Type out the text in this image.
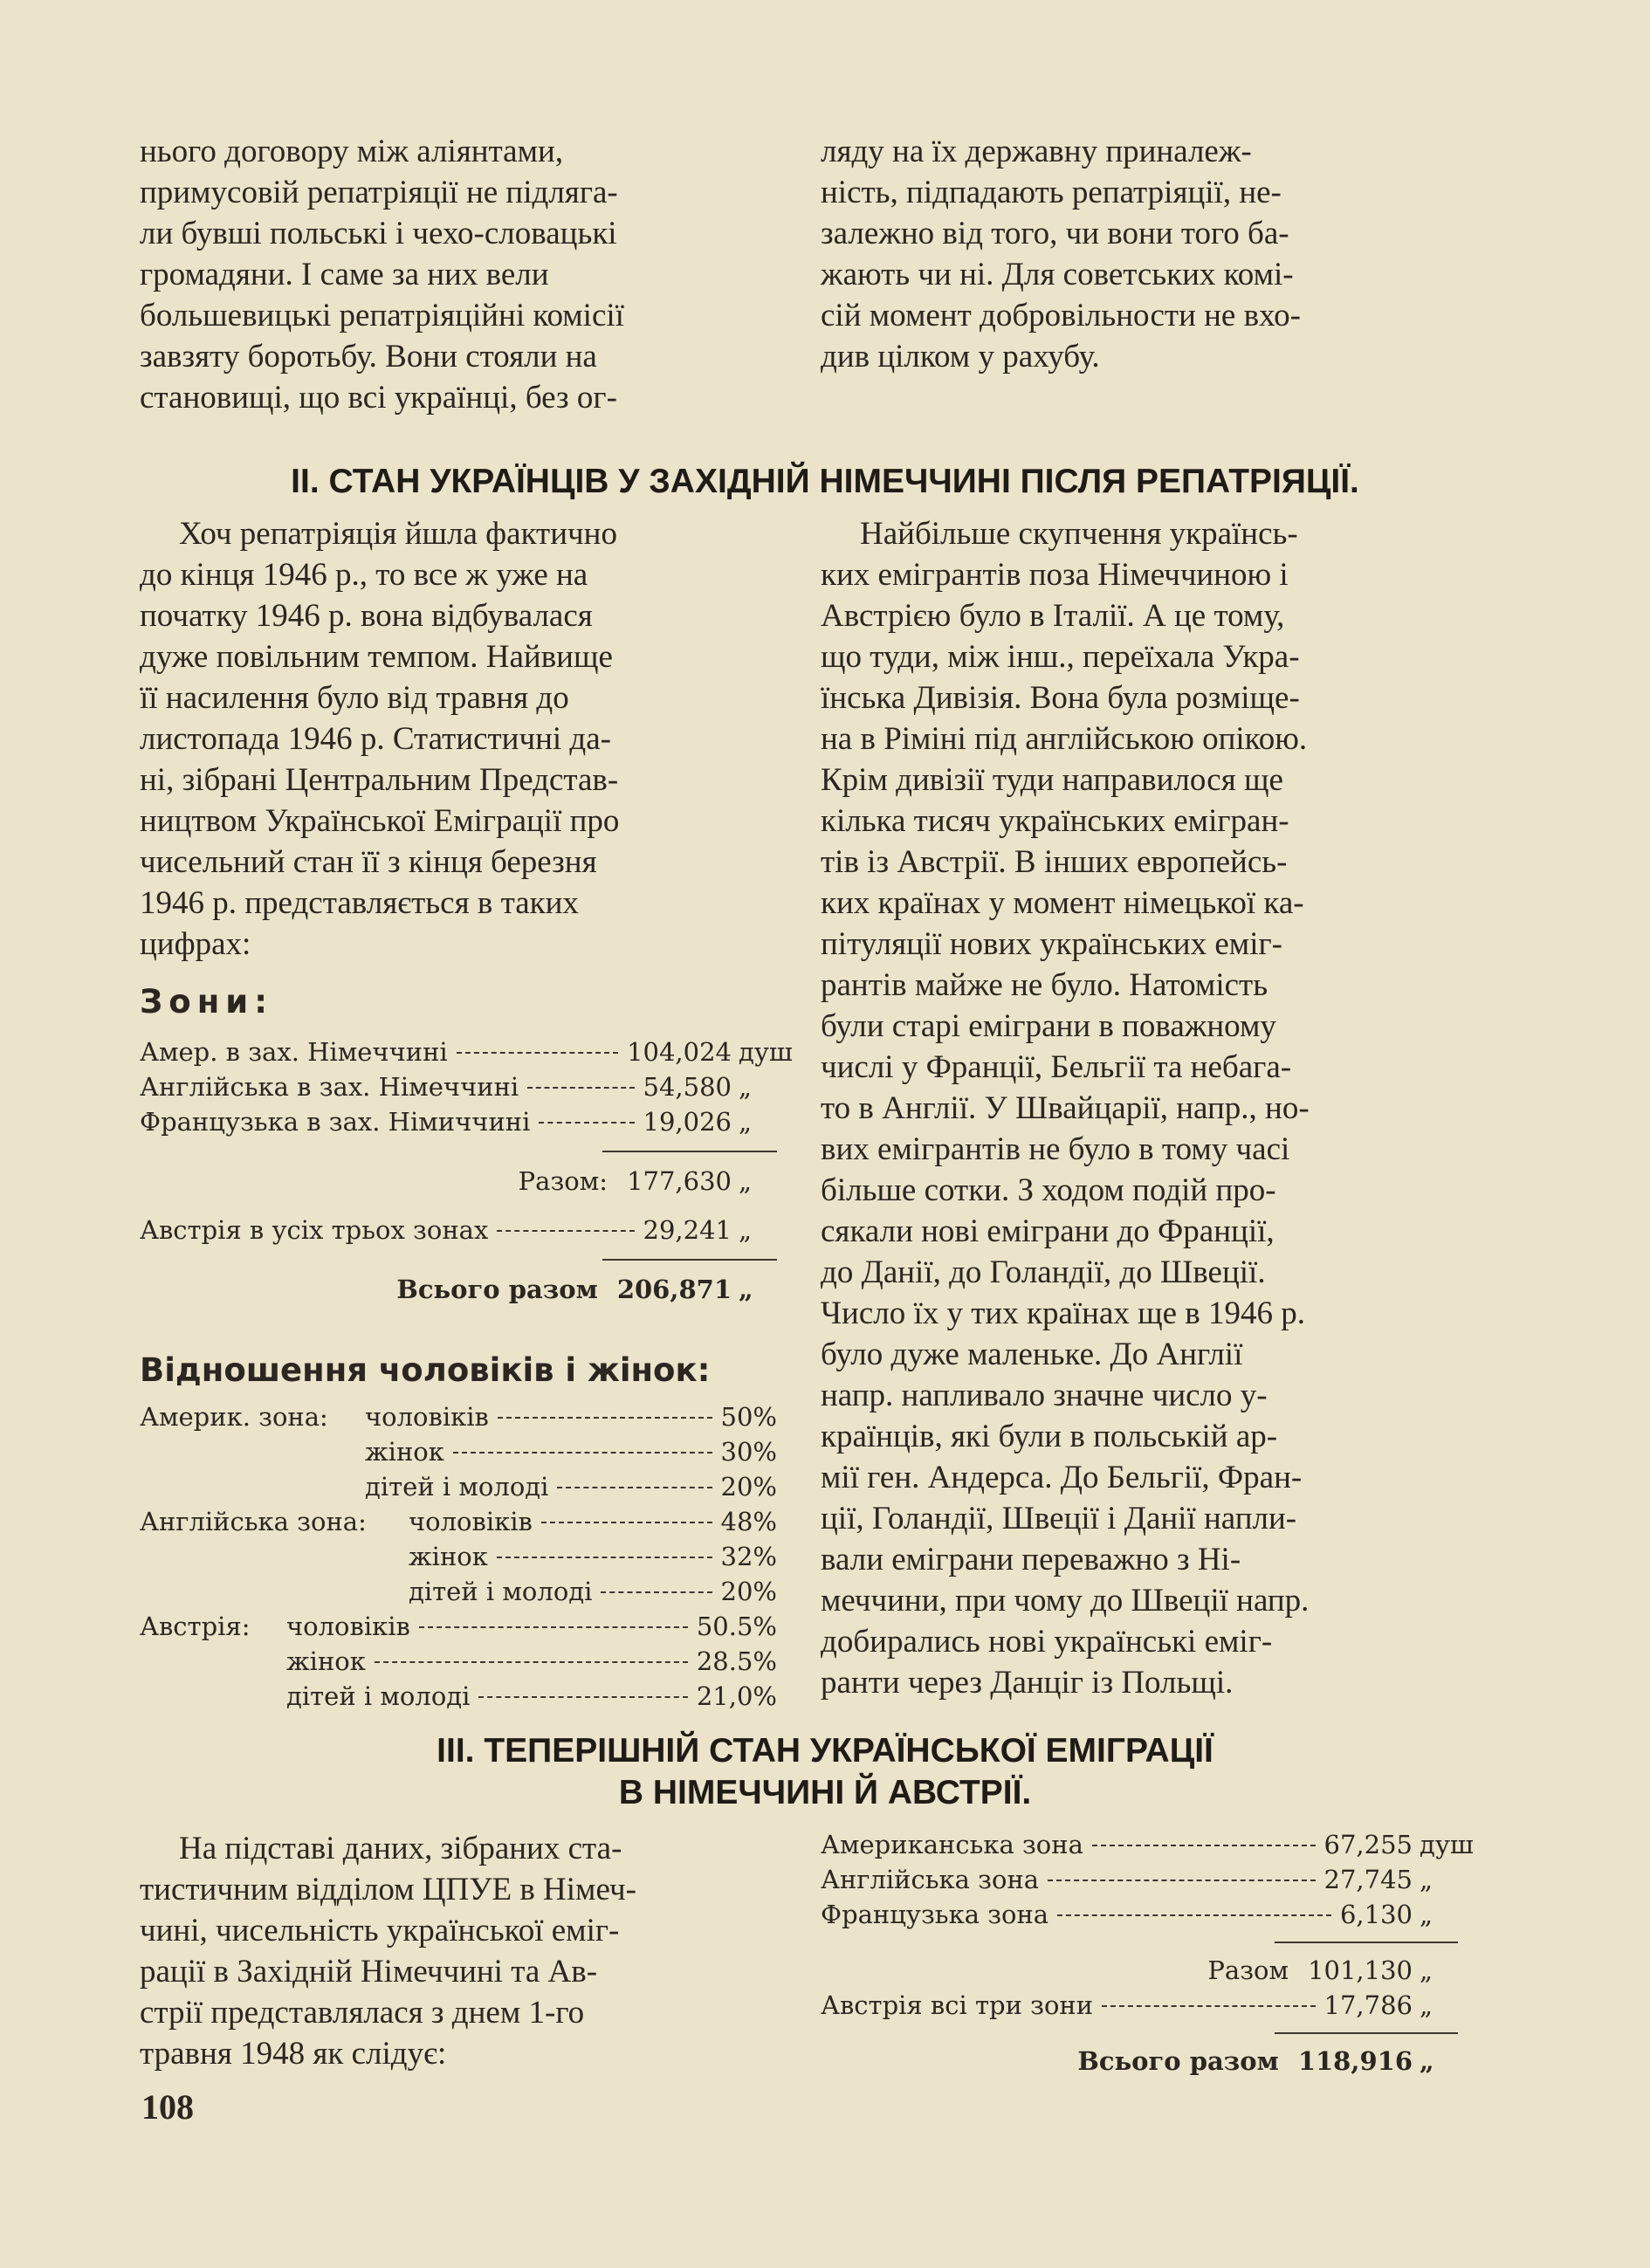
нього договору між аліянтами,

примусовій репатріяції не підляга-

ли бувші польські і чехо-словацькі

громадяни. І саме за них вели

большевицькі репатріяційні комісії

завзяту боротьбу. Вони стояли на

становищі, що всі українці, без ог-

ляду на їх державну приналеж-

ність, підпадають репатріяції, не-

залежно від того, чи вони того ба-

жають чи ні. Для советських комі-

сій момент добровільности не вхо-

див цілком у рахубу.

II. СТАН УКРАЇНЦІВ У ЗАХІДНІЙ НІМЕЧЧИНІ ПІСЛЯ РЕПАТРІЯЦІЇ.

Хоч репатріяція йшла фактично

до кінця 1946 р., то все ж уже на

початку 1946 р. вона відбувалася

дуже повільним темпом. Найвище

її насилення було від травня до

листопада 1946 р. Статистичні да-

ні, зібрані Центральним Представ-

ництвом Української Еміграції про

чисельний стан її з кінця березня

1946 р. представляється в таких

цифрах:

Зони:
Амер. в зах. Німеччині	104,024 душ
Англійська в зах. Німеччині	54,580 „
Французька в зах. Німиччині	19,026 „
Разом: 177,630 „
Австрія в усіх трьох зонах	29,241 „
Всього разом 206,871 „
Відношення чоловіків і жінок:
Америк. зона:	чоловіків	50%
жінок	30%
дітей і молоді	20%
Англійська зона:	чоловіків	48%
жінок	32%
дітей і молоді	20%
Австрія:	чоловіків	50.5%
жінок	28.5%
дітей і молоді	21,0%

Найбільше скупчення українсь-

ких емігрантів поза Німеччиною і

Австрією було в Італії. А це тому,

що туди, між інш., переїхала Укра-

їнська Дивізія. Вона була розміще-

на в Ріміні під англійською опікою.

Крім дивізії туди направилося ще

кілька тисяч українських емігран-

тів із Австрії. В інших европейсь-

ких країнах у момент німецької ка-

пітуляції нових українських еміг-

рантів майже не було. Натомість

були старі еміграни в поважному

числі у Франції, Бельгії та небага-

то в Англії. У Швайцарії, напр., но-

вих емігрантів не було в тому часі

більше сотки. З ходом подій про-

сякали нові еміграни до Франції,

до Данії, до Голандії, до Швеції.

Число їх у тих країнах ще в 1946 р.

було дуже маленьке. До Англії

напр. напливало значне число у-

країнців, які були в польській ар-

мії ген. Андерса. До Бельгії, Фран-

ції, Голандії, Швеції і Данії напли-

вали еміграни переважно з Ні-

меччини, при чому до Швеції напр.

добирались нові українські еміг-

ранти через Данціг із Польщі.

III. ТЕПЕРІШНІЙ СТАН УКРАЇНСЬКОЇ ЕМІГРАЦІЇ
В НІМЕЧЧИНІ Й АВСТРІЇ.

На підставі даних, зібраних ста-

тистичним відділом ЦПУЕ в Німеч-

чині, чисельність української еміг-

рації в Західній Німеччині та Ав-

стрії представлялася з днем 1-го

травня 1948 як слідує:

Американська зона	67,255 душ
Англійська зона	27,745 „
Французька зона	6,130 „
Разом 101,130 „
Австрія всі три зони	17,786 „
Всього разом 118,916 „
108
